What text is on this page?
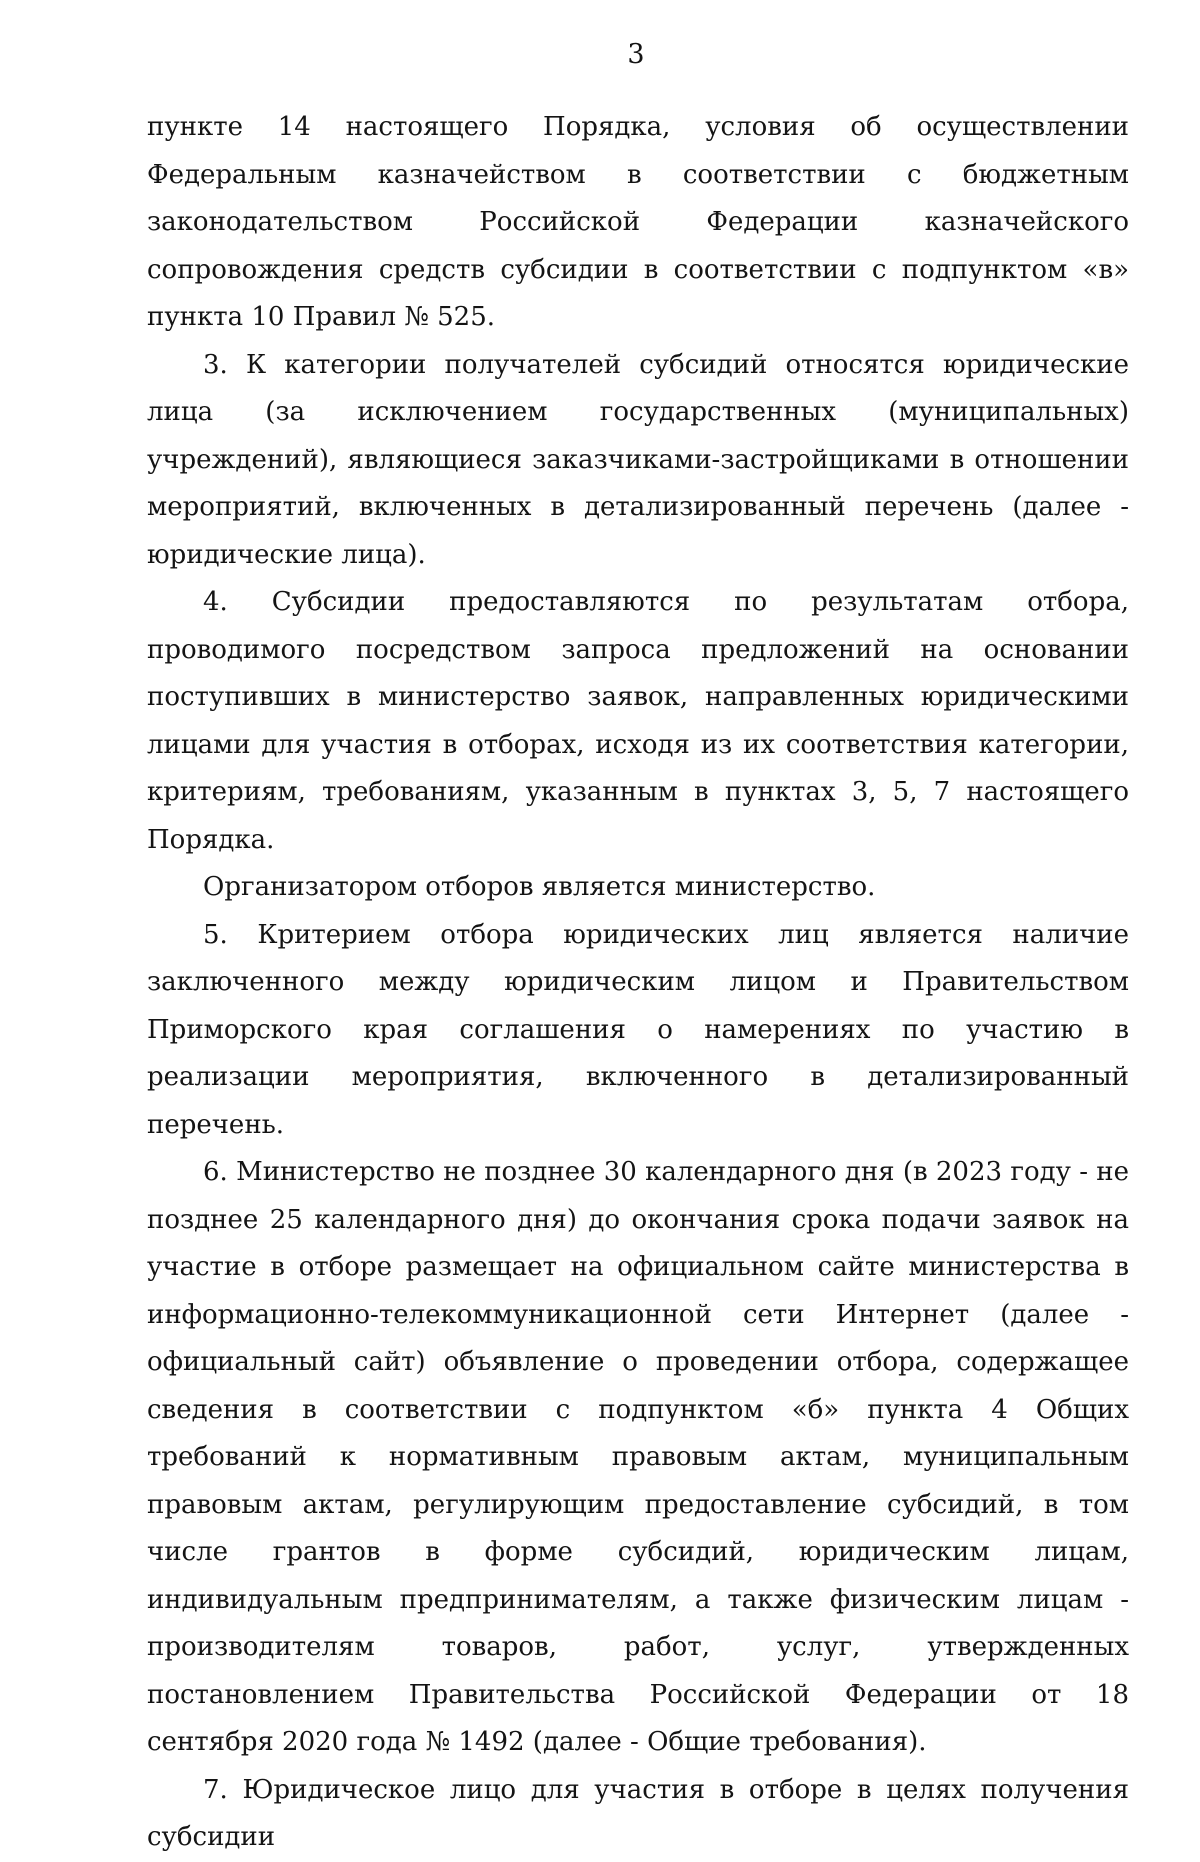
3

пункте 14 настоящего Порядка, условия об осуществлении Федеральным казначейством в соответствии с бюджетным законодательством Российской Федерации казначейского сопровождения средств субсидии в соответствии с подпунктом «в» пункта 10 Правил № 525.

3. К категории получателей субсидий относятся юридические лица (за исключением государственных (муниципальных) учреждений), являющиеся заказчиками-застройщиками в отношении мероприятий, включенных в детализированный перечень (далее - юридические лица).

4. Субсидии предоставляются по результатам отбора, проводимого посредством запроса предложений на основании поступивших в министерство заявок, направленных юридическими лицами для участия в отборах, исходя из их соответствия категории, критериям, требованиям, указанным в пунктах 3, 5, 7 настоящего Порядка.

Организатором отборов является министерство.

5. Критерием отбора юридических лиц является наличие заключенного между юридическим лицом и Правительством Приморского края соглашения о намерениях по участию в реализации мероприятия, включенного в детализированный перечень.

6. Министерство не позднее 30 календарного дня (в 2023 году - не позднее 25 календарного дня) до окончания срока подачи заявок на участие в отборе размещает на официальном сайте министерства в информационно-телекоммуникационной сети Интернет (далее - официальный сайт) объявление о проведении отбора, содержащее сведения в соответствии с подпунктом «б» пункта 4 Общих требований к нормативным правовым актам, муниципальным правовым актам, регулирующим предоставление субсидий, в том числе грантов в форме субсидий, юридическим лицам, индивидуальным предпринимателям, а также физическим лицам - производителям товаров, работ, услуг, утвержденных постановлением Правительства Российской Федерации от 18 сентября 2020 года № 1492 (далее - Общие требования).

7. Юридическое лицо для участия в отборе в целях получения субсидии
